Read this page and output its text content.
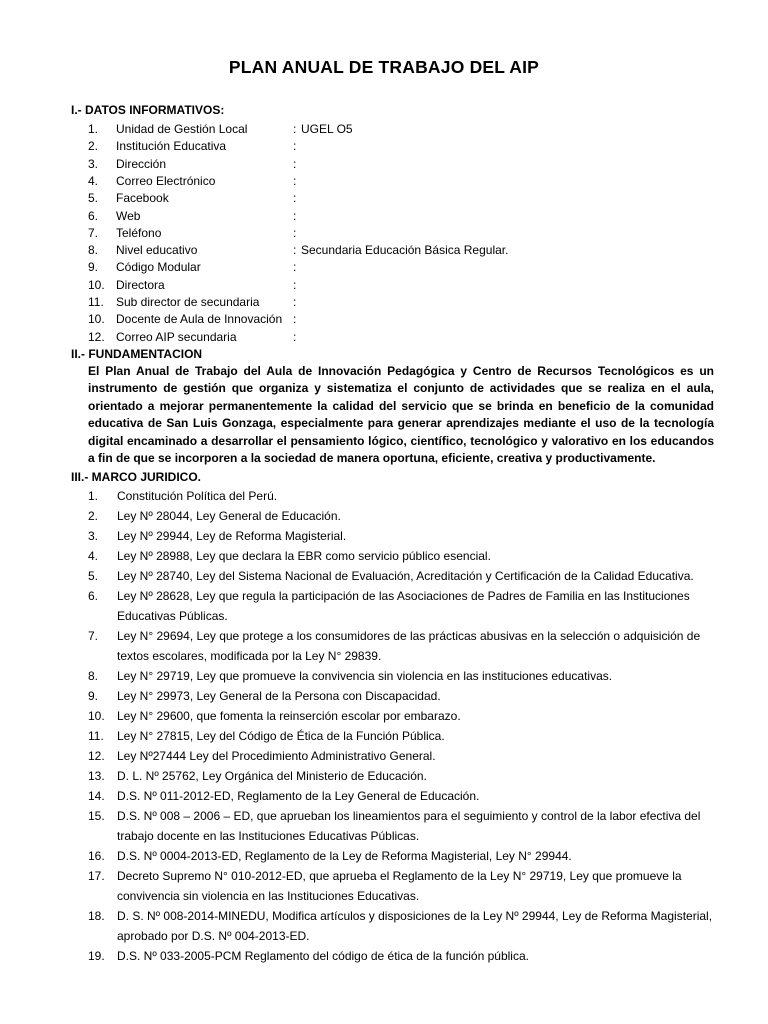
PLAN ANUAL DE TRABAJO DEL AIP
I.- DATOS INFORMATIVOS:
1. Unidad de Gestión Local	: UGEL O5
2. Institución Educativa	:
3. Dirección	:
4. Correo Electrónico	:
5. Facebook	:
6. Web	:
7. Teléfono	:
8. Nivel educativo	: Secundaria Educación Básica Regular.
9. Código Modular	:
10. Directora	:
11. Sub director de secundaria	:
10. Docente de Aula de Innovación :
12. Correo AIP secundaria	:
II.- FUNDAMENTACION
El Plan Anual de Trabajo del Aula de Innovación Pedagógica y Centro de Recursos Tecnológicos es un instrumento de gestión que organiza y sistematiza el conjunto de actividades que se realiza en el aula, orientado a mejorar permanentemente la calidad del servicio que se brinda en beneficio de la comunidad educativa de San Luis Gonzaga, especialmente para generar aprendizajes mediante el uso de la tecnología digital encaminado a desarrollar el pensamiento lógico, científico, tecnológico y valorativo en los educandos a fin de que se incorporen a la sociedad de manera oportuna, eficiente, creativa y productivamente.
III.- MARCO JURIDICO.
1. Constitución Política del Perú.
2. Ley Nº 28044, Ley General de Educación.
3. Ley Nº 29944, Ley de Reforma Magisterial.
4. Ley Nº 28988, Ley que declara la EBR como servicio público esencial.
5. Ley Nº 28740, Ley del Sistema Nacional de Evaluación, Acreditación y Certificación de la Calidad Educativa.
6. Ley Nº 28628, Ley que regula la participación de las Asociaciones de Padres de Familia en las Instituciones Educativas Públicas.
7. Ley N° 29694, Ley que protege a los consumidores de las prácticas abusivas en la selección o adquisición de textos escolares, modificada por la Ley N° 29839.
8. Ley N° 29719, Ley que promueve la convivencia sin violencia en las instituciones educativas.
9. Ley N° 29973, Ley General de la Persona con Discapacidad.
10. Ley N° 29600, que fomenta la reinserción escolar por embarazo.
11. Ley N° 27815, Ley del Código de Ética de la Función Pública.
12. Ley Nº27444 Ley del Procedimiento Administrativo General.
13. D. L. Nº 25762, Ley Orgánica del Ministerio de Educación.
14. D.S. Nº 011-2012-ED, Reglamento de la Ley General de Educación.
15. D.S. Nº 008 – 2006 – ED, que aprueban los lineamientos para el seguimiento y control de la labor efectiva del trabajo docente en las Instituciones Educativas Públicas.
16. D.S. Nº 0004-2013-ED, Reglamento de la Ley de Reforma Magisterial, Ley N° 29944.
17. Decreto Supremo N° 010-2012-ED, que aprueba el Reglamento de la Ley N° 29719, Ley que promueve la convivencia sin violencia en las Instituciones Educativas.
18. D. S. Nº 008-2014-MINEDU, Modifica artículos y disposiciones de la Ley Nº 29944, Ley de Reforma Magisterial, aprobado por D.S. Nº 004-2013-ED.
19. D.S. Nº 033-2005-PCM Reglamento del código de ética de la función pública.
